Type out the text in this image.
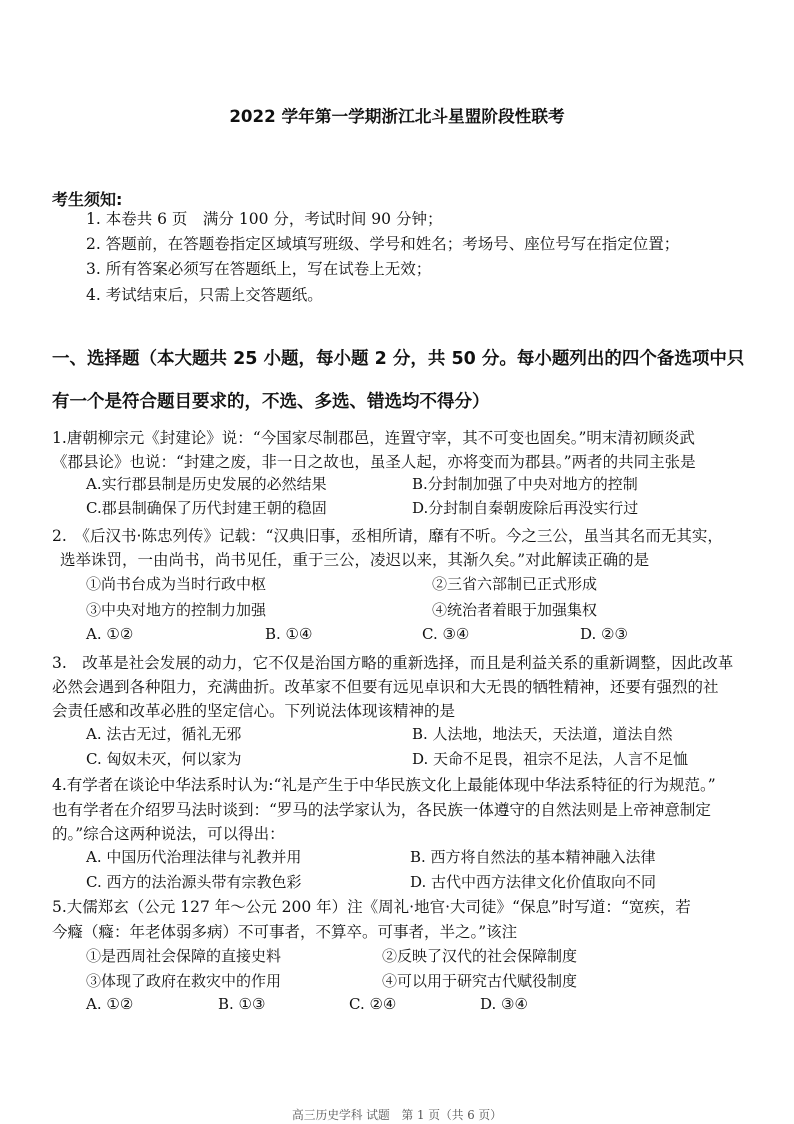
2022 学年第一学期浙江北斗星盟阶段性联考
考生须知:
1. 本卷共 6 页　满分 100 分，考试时间 90 分钟；
2. 答题前，在答题卷指定区域填写班级、学号和姓名；考场号、座位号写在指定位置；
3. 所有答案必须写在答题纸上，写在试卷上无效；
4. 考试结束后，只需上交答题纸。
一、选择题（本大题共 25 小题，每小题 2 分，共 50 分。每小题列出的四个备选项中只
有一个是符合题目要求的，不选、多选、错选均不得分）
1.唐朝柳宗元《封建论》说：“今国家尽制郡邑，连置守宰，其不可变也固矣。”明末清初顾炎武
《郡县论》也说：“封建之废，非一日之故也，虽圣人起，亦将变而为郡县。”两者的共同主张是
A.实行郡县制是历史发展的必然结果	B.分封制加强了中央对地方的控制
C.郡县制确保了历代封建王朝的稳固	D.分封制自秦朝废除后再没实行过
2.　《后汉书·陈忠列传》记载：“汉典旧事，丞相所请，靡有不听。今之三公，虽当其名而无其实，
选举诛罚，一由尚书，尚书见任，重于三公，凌迟以来，其渐久矣。”对此解读正确的是
①尚书台成为当时行政中枢	②三省六部制已正式形成
③中央对地方的控制力加强	④统治者着眼于加强集权
A. ①②	B. ①④	C. ③④	D. ②③
3.　改革是社会发展的动力，它不仅是治国方略的重新选择，而且是利益关系的重新调整，因此改革
必然会遇到各种阻力，充满曲折。改革家不但要有远见卓识和大无畏的牺牲精神，还要有强烈的社
会责任感和改革必胜的坚定信心。下列说法体现该精神的是
A. 法古无过，循礼无邪	B. 人法地，地法天，天法道，道法自然
C. 匈奴未灭，何以家为	D. 天命不足畏，祖宗不足法，人言不足恤
4.有学者在谈论中华法系时认为:“礼是产生于中华民族文化上最能体现中华法系特征的行为规范。”
也有学者在介绍罗马法时谈到：“罗马的法学家认为，各民族一体遵守的自然法则是上帝神意制定
的。”综合这两种说法，可以得出：
A. 中国历代治理法律与礼教并用	B. 西方将自然法的基本精神融入法律
C. 西方的法治源头带有宗教色彩	D. 古代中西方法律文化价值取向不同
5.大儒郑玄（公元 127 年～公元 200 年）注《周礼·地官·大司徒》“保息”时写道：“宽疾，若
今癃（癃：年老体弱多病）不可事者，不算卒。可事者，半之。”该注
①是西周社会保障的直接史料	②反映了汉代的社会保障制度
③体现了政府在救灾中的作用	④可以用于研究古代赋役制度
A. ①②	B. ①③	C. ②④	D. ③④
高三历史学科 试题　第 1 页（共 6 页）
